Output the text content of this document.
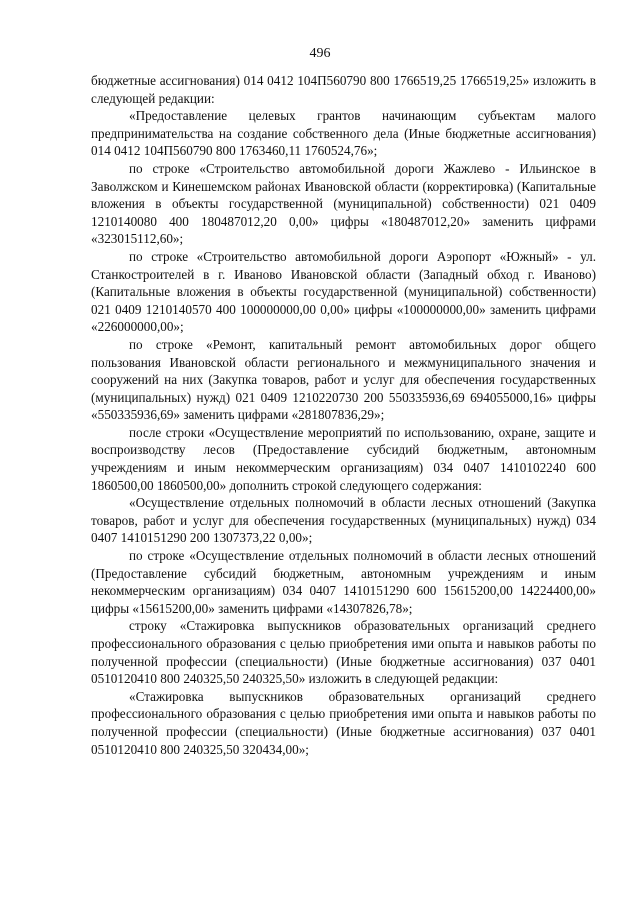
496

бюджетные ассигнования) 014 0412 104П560790 800 1766519,25 1766519,25» изложить в следующей редакции:

«Предоставление целевых грантов начинающим субъектам малого предпринимательства на создание собственного дела (Иные бюджетные ассигнования) 014 0412 104П560790 800 1763460,11 1760524,76»;

по строке «Строительство автомобильной дороги Жажлево - Ильинское в Заволжском и Кинешемском районах Ивановской области (корректировка) (Капитальные вложения в объекты государственной (муниципальной) собственности) 021 0409 1210140080 400 180487012,20 0,00» цифры «180487012,20» заменить цифрами «323015112,60»;

по строке «Строительство автомобильной дороги Аэропорт «Южный» - ул. Станкостроителей в г. Иваново Ивановской области (Западный обход г. Иваново) (Капитальные вложения в объекты государственной (муниципальной) собственности) 021 0409 1210140570 400 100000000,00 0,00» цифры «100000000,00» заменить цифрами «226000000,00»;

по строке «Ремонт, капитальный ремонт автомобильных дорог общего пользования Ивановской области регионального и межмуниципального значения и сооружений на них (Закупка товаров, работ и услуг для обеспечения государственных (муниципальных) нужд) 021 0409 1210220730 200 550335936,69 694055000,16» цифры «550335936,69» заменить цифрами «281807836,29»;

после строки «Осуществление мероприятий по использованию, охране, защите и воспроизводству лесов (Предоставление субсидий бюджетным, автономным учреждениям и иным некоммерческим организациям) 034 0407 1410102240 600 1860500,00 1860500,00» дополнить строкой следующего содержания:

«Осуществление отдельных полномочий в области лесных отношений (Закупка товаров, работ и услуг для обеспечения государственных (муниципальных) нужд) 034 0407 1410151290 200 1307373,22 0,00»;

по строке «Осуществление отдельных полномочий в области лесных отношений (Предоставление субсидий бюджетным, автономным учреждениям и иным некоммерческим организациям) 034 0407 1410151290 600 15615200,00 14224400,00» цифры «15615200,00» заменить цифрами «14307826,78»;

строку «Стажировка выпускников образовательных организаций среднего профессионального образования с целью приобретения ими опыта и навыков работы по полученной профессии (специальности) (Иные бюджетные ассигнования) 037 0401 0510120410 800 240325,50 240325,50» изложить в следующей редакции:

«Стажировка выпускников образовательных организаций среднего профессионального образования с целью приобретения ими опыта и навыков работы по полученной профессии (специальности) (Иные бюджетные ассигнования) 037 0401 0510120410 800 240325,50 320434,00»;
